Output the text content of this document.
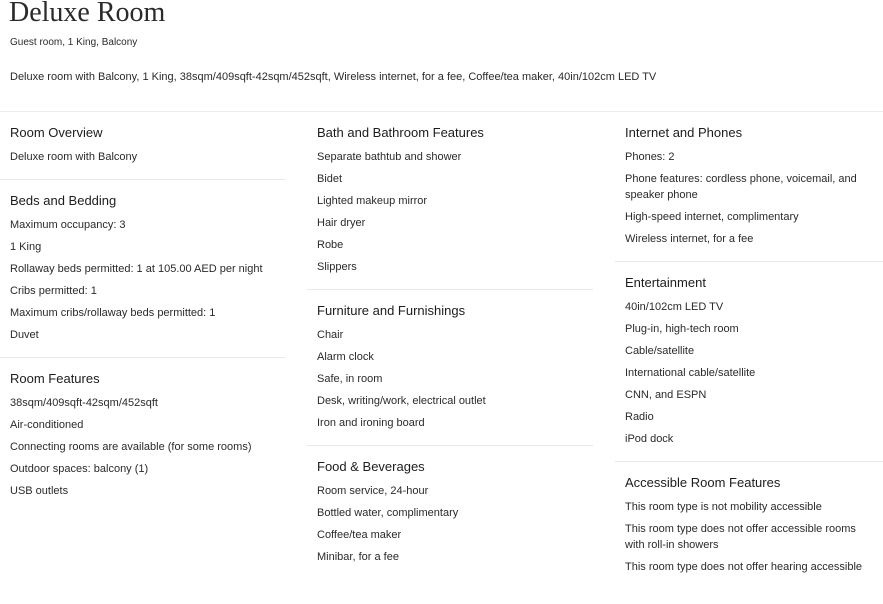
Deluxe Room
Guest room, 1 King, Balcony
Deluxe room with Balcony, 1 King, 38sqm/409sqft-42sqm/452sqft, Wireless internet, for a fee, Coffee/tea maker, 40in/102cm LED TV
Room Overview
Deluxe room with Balcony
Beds and Bedding
Maximum occupancy: 3
1 King
Rollaway beds permitted: 1 at 105.00 AED per night
Cribs permitted: 1
Maximum cribs/rollaway beds permitted: 1
Duvet
Room Features
38sqm/409sqft-42sqm/452sqft
Air-conditioned
Connecting rooms are available (for some rooms)
Outdoor spaces: balcony (1)
USB outlets
Bath and Bathroom Features
Separate bathtub and shower
Bidet
Lighted makeup mirror
Hair dryer
Robe
Slippers
Furniture and Furnishings
Chair
Alarm clock
Safe, in room
Desk, writing/work, electrical outlet
Iron and ironing board
Food & Beverages
Room service, 24-hour
Bottled water, complimentary
Coffee/tea maker
Minibar, for a fee
Internet and Phones
Phones: 2
Phone features: cordless phone, voicemail, and speaker phone
High-speed internet, complimentary
Wireless internet, for a fee
Entertainment
40in/102cm LED TV
Plug-in, high-tech room
Cable/satellite
International cable/satellite
CNN, and ESPN
Radio
iPod dock
Accessible Room Features
This room type is not mobility accessible
This room type does not offer accessible rooms with roll-in showers
This room type does not offer hearing accessible
